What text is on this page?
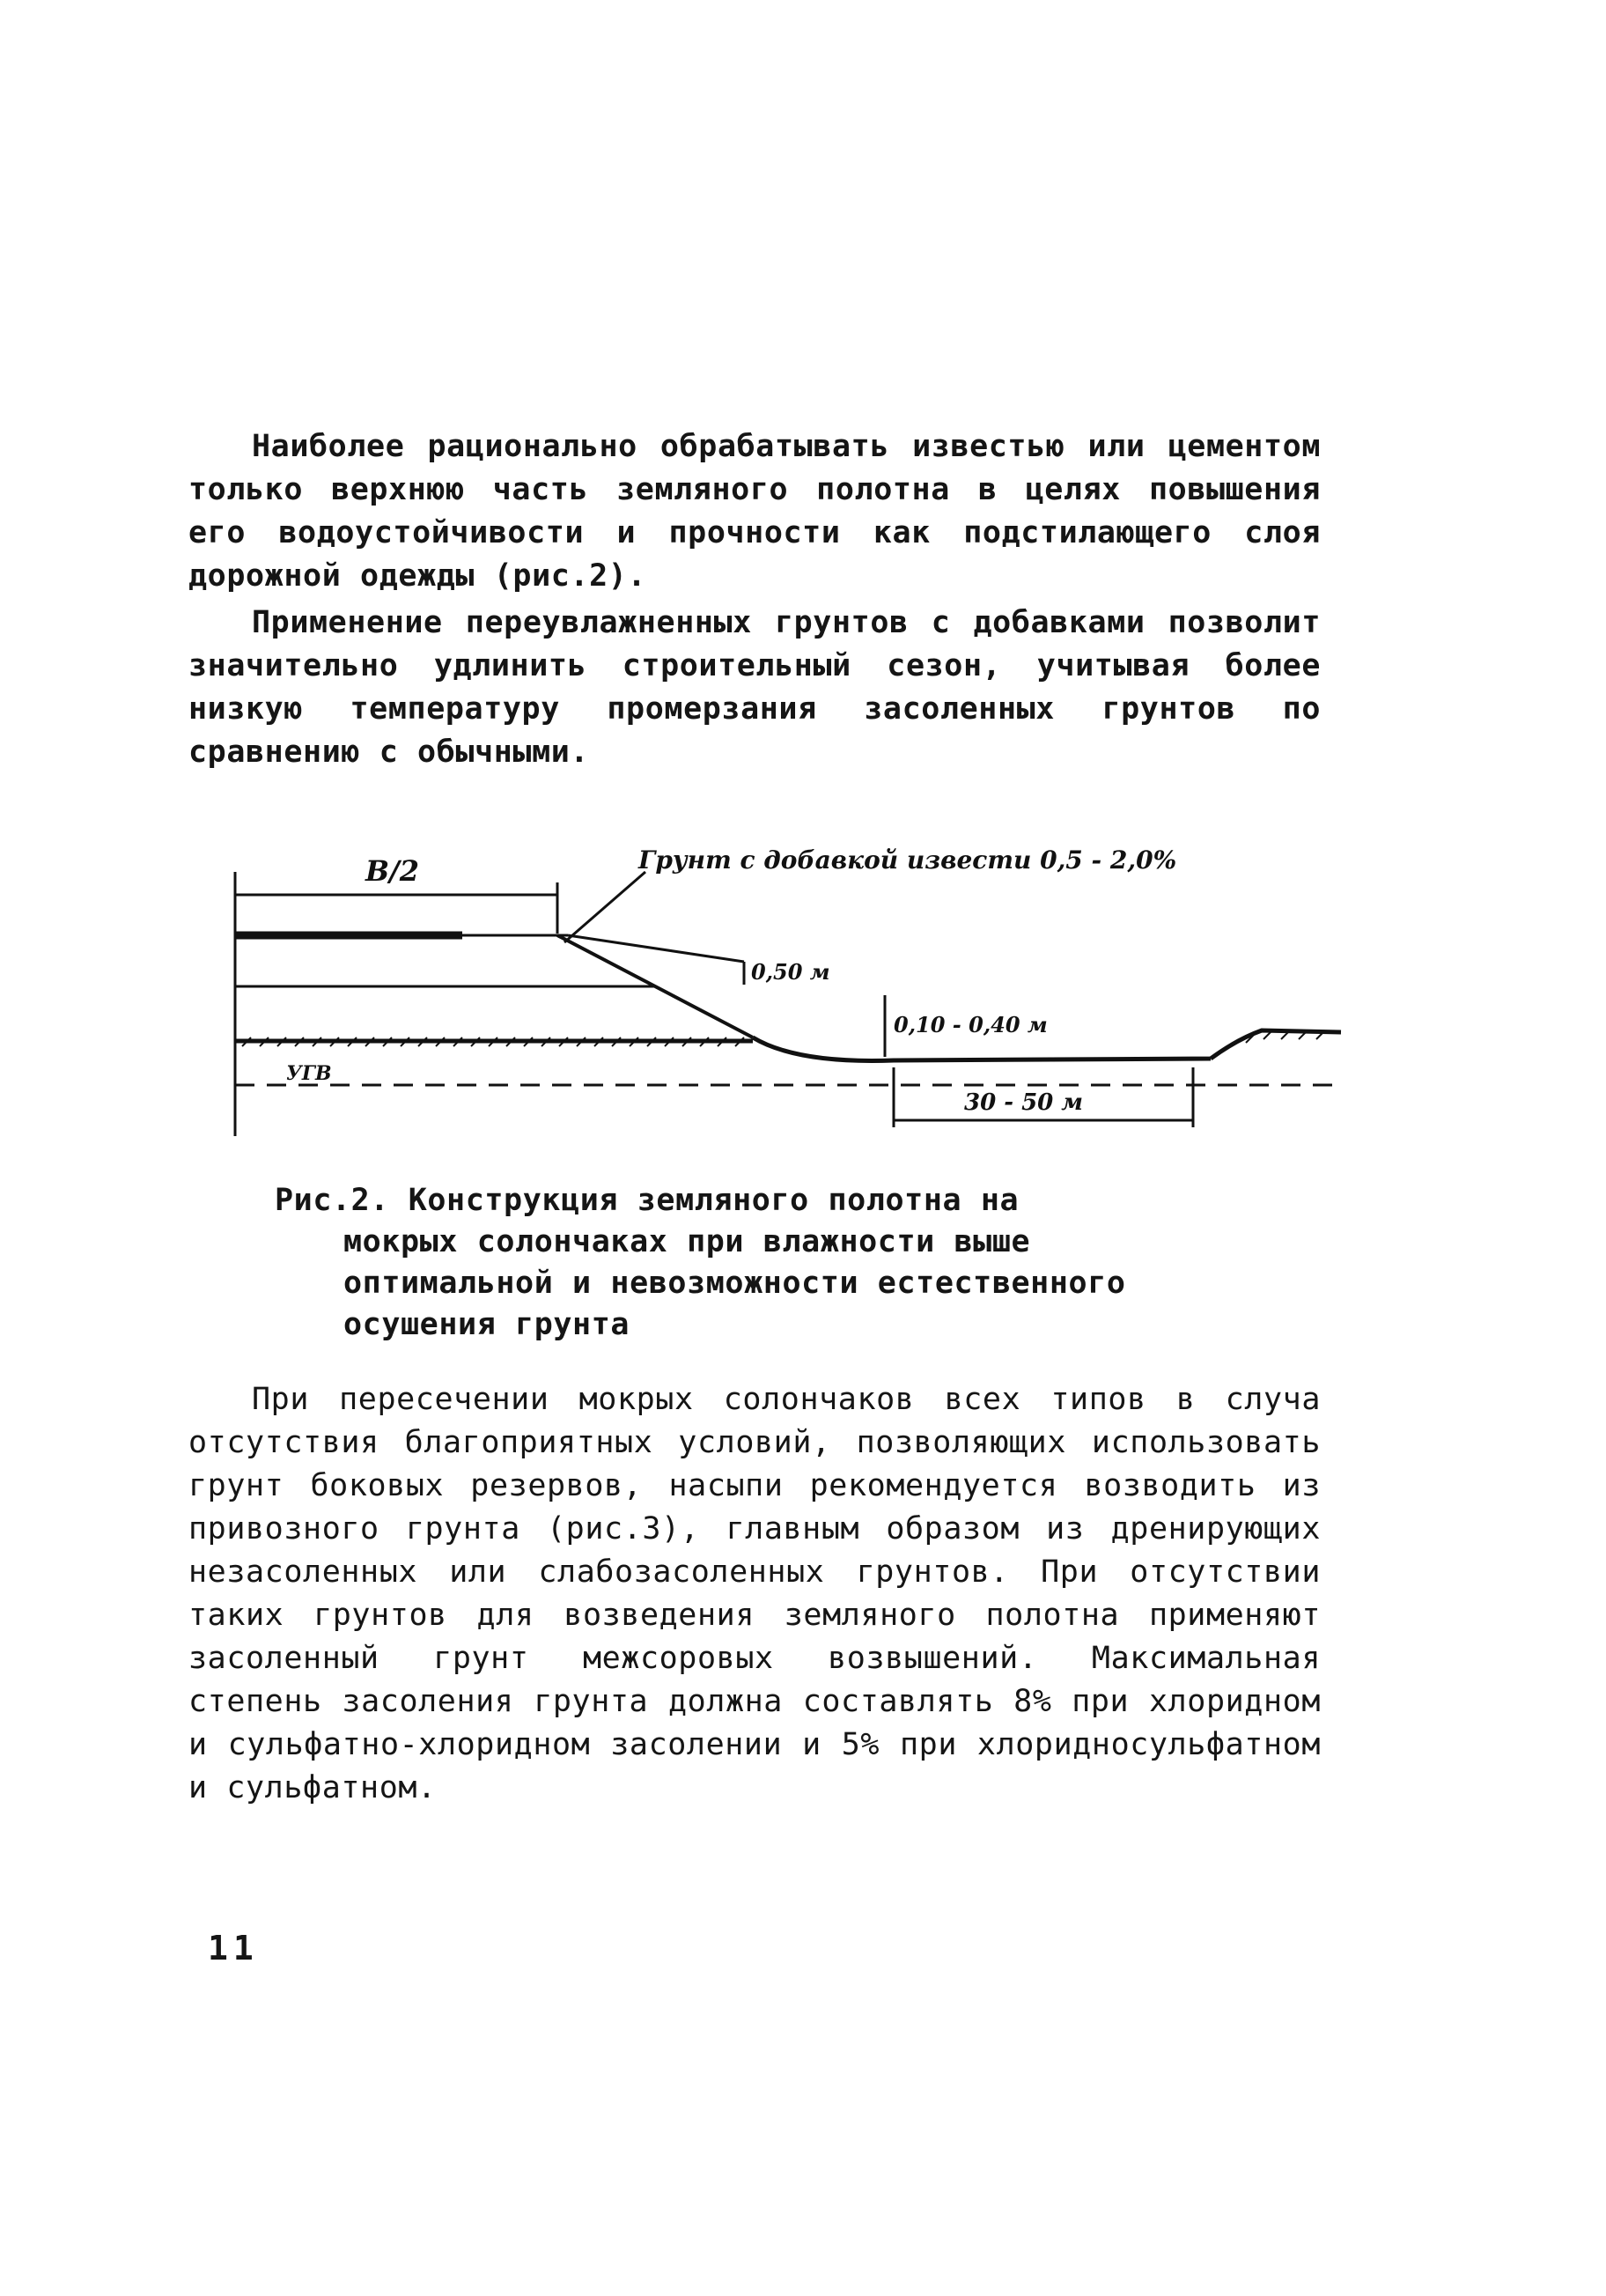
Наиболее рационально обрабатывать известью или цементом только верхнюю часть земляного полотна в целях повышения его водоустойчивости и прочности как подстилающего слоя дорожной одежды (рис.2).

Применение переувлажненных грунтов с добавками позволит значительно удлинить строительный сезон, учитывая более низкую температуру промерзания засоленных грунтов по сравнению с обычными.

В/2
0,50 м
Грунт с добавкой извести 0,5 - 2,0%
0,10 - 0,40 м
УГВ
30 - 50 м
Рис.2. Конструкция земляного полотна на
мокрых солончаках при влажности выше оптимальной и невозможности естественного осушения грунта

При пересечении мокрых солончаков всех типов в случа отсутствия благоприятных условий, позволяющих использовать грунт боковых резервов, насыпи рекомендуется возводить из привозного грунта (рис.3), главным образом из дренирующих незасоленных или слабозасоленных грунтов. При отсутствии таких грунтов для возведения земляного полотна применяют засоленный грунт межсоровых возвышений. Максимальная степень засоления грунта должна составлять 8% при хлоридном и сульфатно-хлоридном засолении и 5% при хлоридносульфатном и сульфатном.

11
